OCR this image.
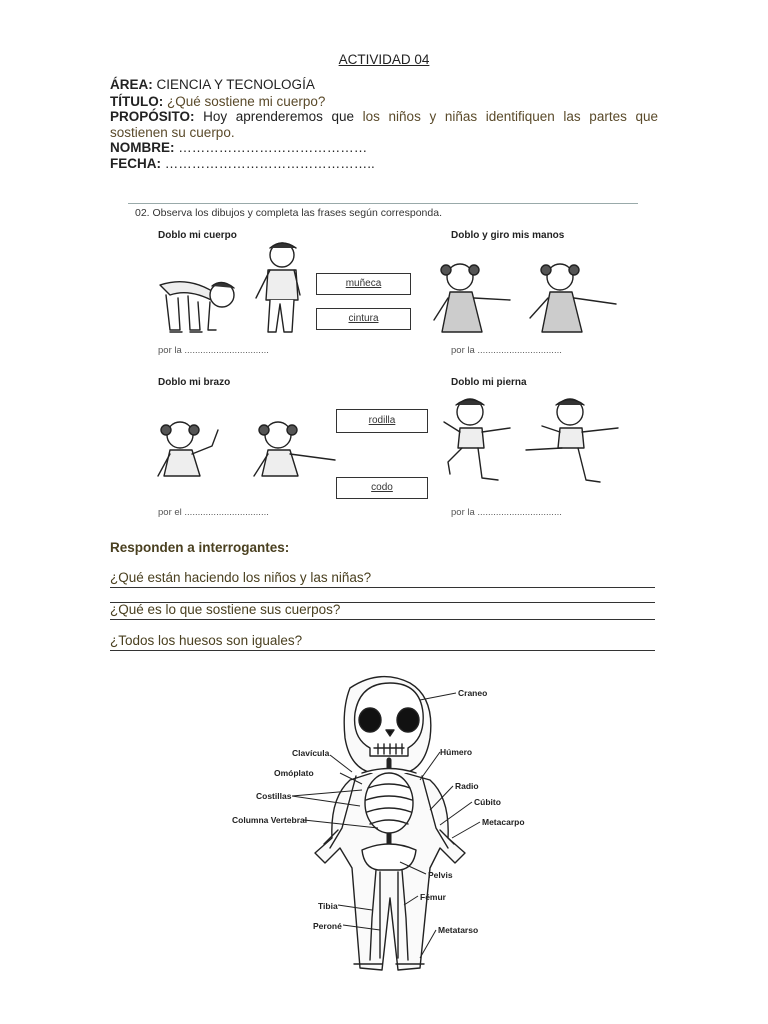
ACTIVIDAD 04
ÁREA: CIENCIA Y TECNOLOGÍA
TÍTULO: ¿Qué sostiene mi cuerpo?
PROPÓSITO: Hoy aprenderemos que los niños y niñas identifiquen las partes que sostienen su cuerpo.
NOMBRE: ……………………………………
FECHA: ………………………………………..
02. Observa los dibujos y completa las frases según corresponda.
Doblo mi cuerpo	Doblo y giro mis manos
Doblo mi brazo	Doblo mi pierna
muñeca
cintura
rodilla
codo
por la ................................	por la ................................
por el ................................	por la ................................
Responden a interrogantes:
¿Qué están haciendo los niños y las niñas?
¿Qué es lo que sostiene sus cuerpos?
¿Todos los huesos son iguales?
Craneo
Clavícula	Húmero
Omóplato
Radio
Costillas
Cúbito
Columna Vertebral	Metacarpo
Pelvis
Fémur
Tibia
Peroné	Metatarso
